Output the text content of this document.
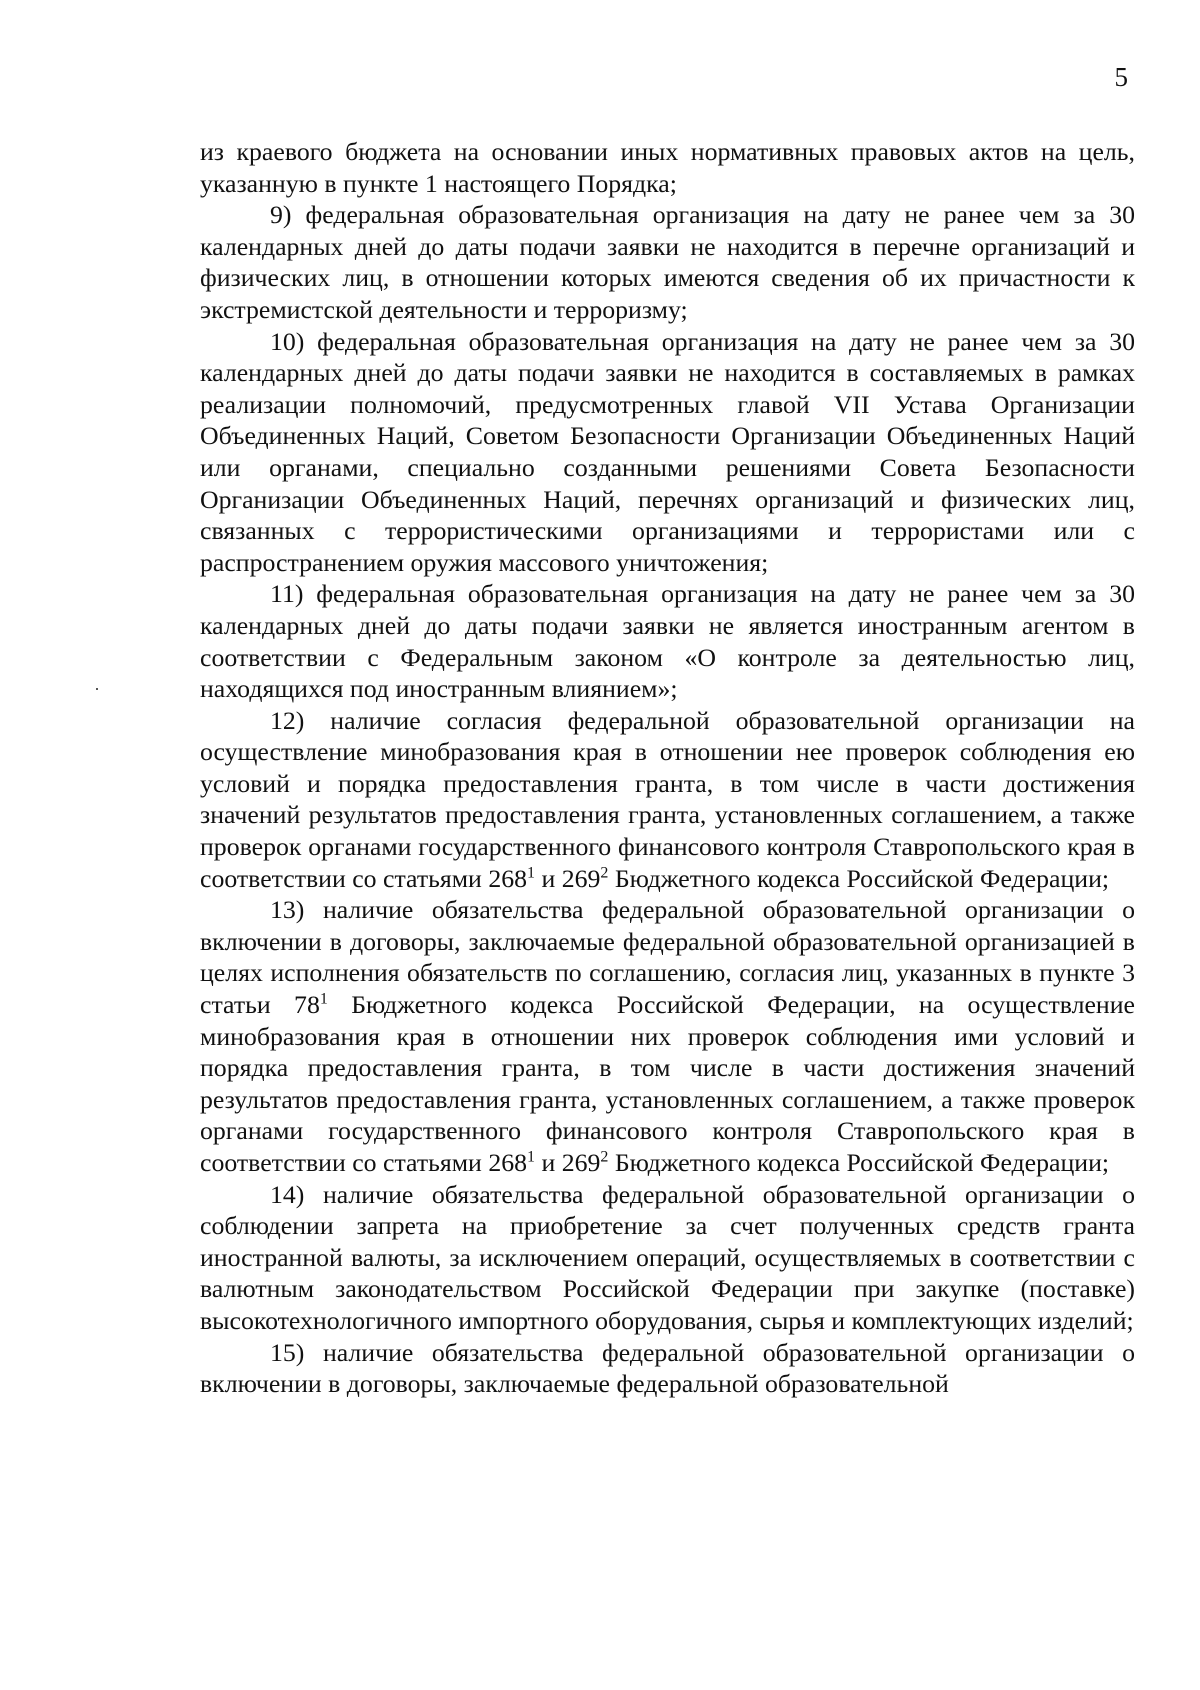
5

из краевого бюджета на основании иных нормативных правовых актов на цель, указанную в пункте 1 настоящего Порядка;

9) федеральная образовательная организация на дату не ранее чем за 30 календарных дней до даты подачи заявки не находится в перечне организаций и физических лиц, в отношении которых имеются сведения об их причастности к экстремистской деятельности и терроризму;

10) федеральная образовательная организация на дату не ранее чем за 30 календарных дней до даты подачи заявки не находится в составляемых в рамках реализации полномочий, предусмотренных главой VII Устава Организации Объединенных Наций, Советом Безопасности Организации Объединенных Наций или органами, специально созданными решениями Совета Безопасности Организации Объединенных Наций, перечнях организаций и физических лиц, связанных с террористическими организациями и террористами или с распространением оружия массового уничтожения;

11) федеральная образовательная организация на дату не ранее чем за 30 календарных дней до даты подачи заявки не является иностранным агентом в соответствии с Федеральным законом «О контроле за деятельностью лиц, находящихся под иностранным влиянием»;

12) наличие согласия федеральной образовательной организации на осуществление минобразования края в отношении нее проверок соблюдения ею условий и порядка предоставления гранта, в том числе в части достижения значений результатов предоставления гранта, установленных соглашением, а также проверок органами государственного финансового контроля Ставропольского края в соответствии со статьями $268^1$ и $269^2$ Бюджетного кодекса Российской Федерации;

13) наличие обязательства федеральной образовательной организации о включении в договоры, заключаемые федеральной образовательной организацией в целях исполнения обязательств по соглашению, согласия лиц, указанных в пункте 3 статьи $78^1$ Бюджетного кодекса Российской Федерации, на осуществление минобразования края в отношении них проверок соблюдения ими условий и порядка предоставления гранта, в том числе в части достижения значений результатов предоставления гранта, установленных соглашением, а также проверок органами государственного финансового контроля Ставропольского края в соответствии со статьями $268^1$ и $269^2$ Бюджетного кодекса Российской Федерации;

14) наличие обязательства федеральной образовательной организации о соблюдении запрета на приобретение за счет полученных средств гранта иностранной валюты, за исключением операций, осуществляемых в соответствии с валютным законодательством Российской Федерации при закупке (поставке) высокотехнологичного импортного оборудования, сырья и комплектующих изделий;

15) наличие обязательства федеральной образовательной организации о включении в договоры, заключаемые федеральной образовательной
